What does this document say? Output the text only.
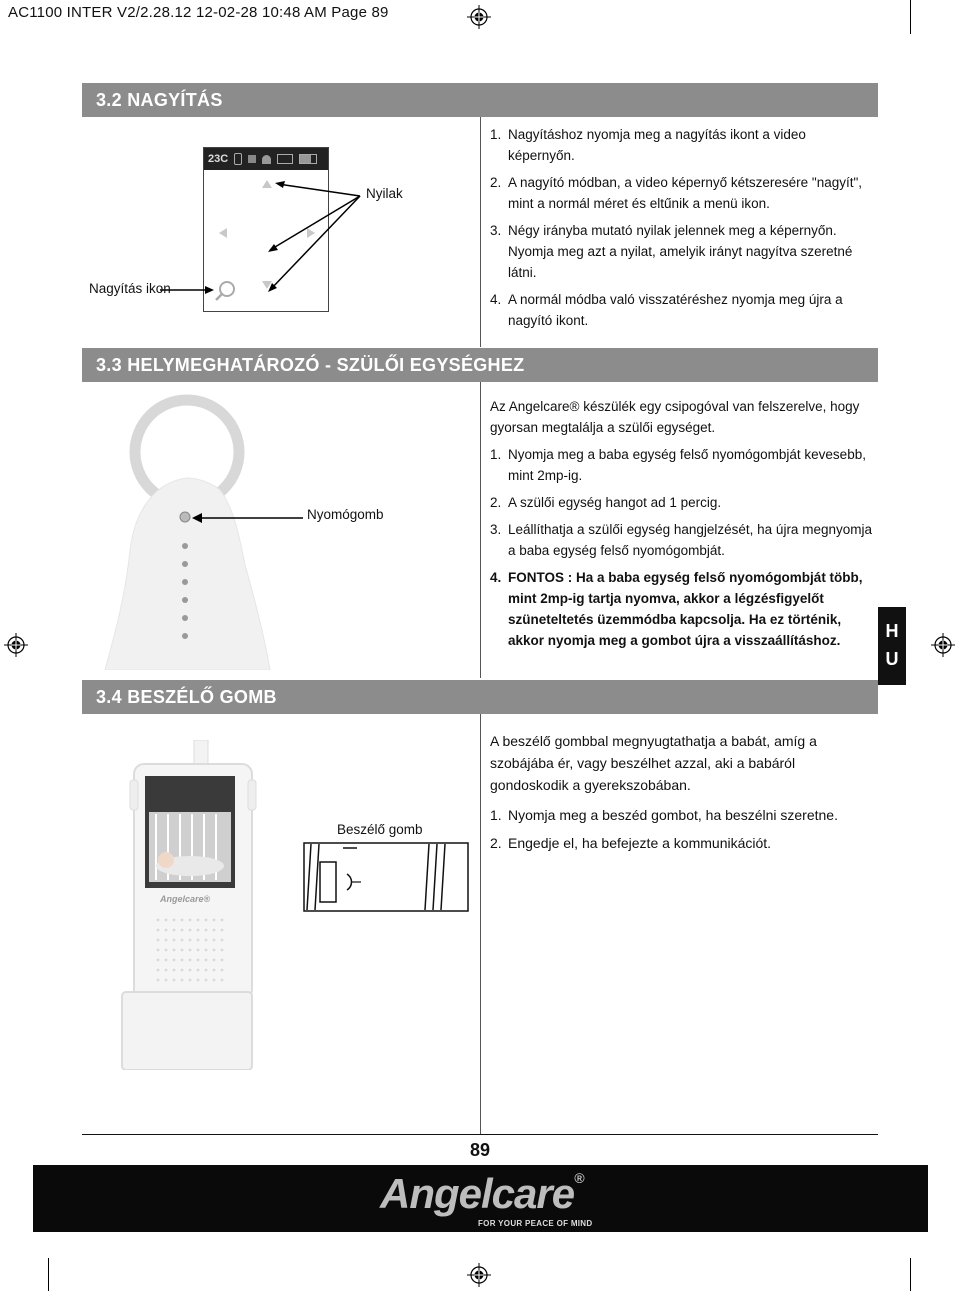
AC1100 INTER V2/2.28.12 12-02-28 10:48 AM Page 89
3.2 NAGYÍTÁS
23C
Nyilak
Nagyítás ikon
1. Nagyításhoz nyomja meg a nagyítás ikont a video képernyőn.
2. A nagyító módban, a video képernyő kétszeresére "nagyít", mint a normál méret és eltűnik a menü ikon.
3. Négy irányba mutató nyilak jelennek meg a képernyőn. Nyomja meg azt a nyilat, amelyik irányt nagyítva szeretné látni.
4. A normál módba való visszatéréshez nyomja meg újra a nagyító ikont.
3.3 HELYMEGHATÁROZÓ - SZÜLŐI EGYSÉGHEZ
Nyomógomb
Az Angelcare® készülék egy csipogóval van felszerelve, hogy gyorsan megtalálja a szülői egységet.
1. Nyomja meg a baba egység felső nyomógombját kevesebb, mint 2mp-ig.
2. A szülői egység hangot ad 1 percig.
3. Leállíthatja a szülői egység hangjelzését, ha újra megnyomja a baba egység felső nyomógombját.
4. FONTOS : Ha a baba egység felső nyomógombját több, mint 2mp-ig tartja nyomva, akkor a légzésfigyelőt szüneteltetés üzemmódba kapcsolja. Ha ez történik, akkor nyomja meg a gombot újra a visszaállításhoz.	H
U
3.4 BESZÉLŐ GOMB
Angelcare®
Beszélő gomb
A beszélő gombbal megnyugtathatja a babát, amíg a szobájába ér, vagy beszélhet azzal, aki a babáról gondoskodik a gyerekszobában.
1. Nyomja meg a beszéd gombot, ha beszélni szeretne.
2. Engedje el, ha befejezte a kommunikációt.
89
Angelcare®
FOR YOUR PEACE OF MIND
